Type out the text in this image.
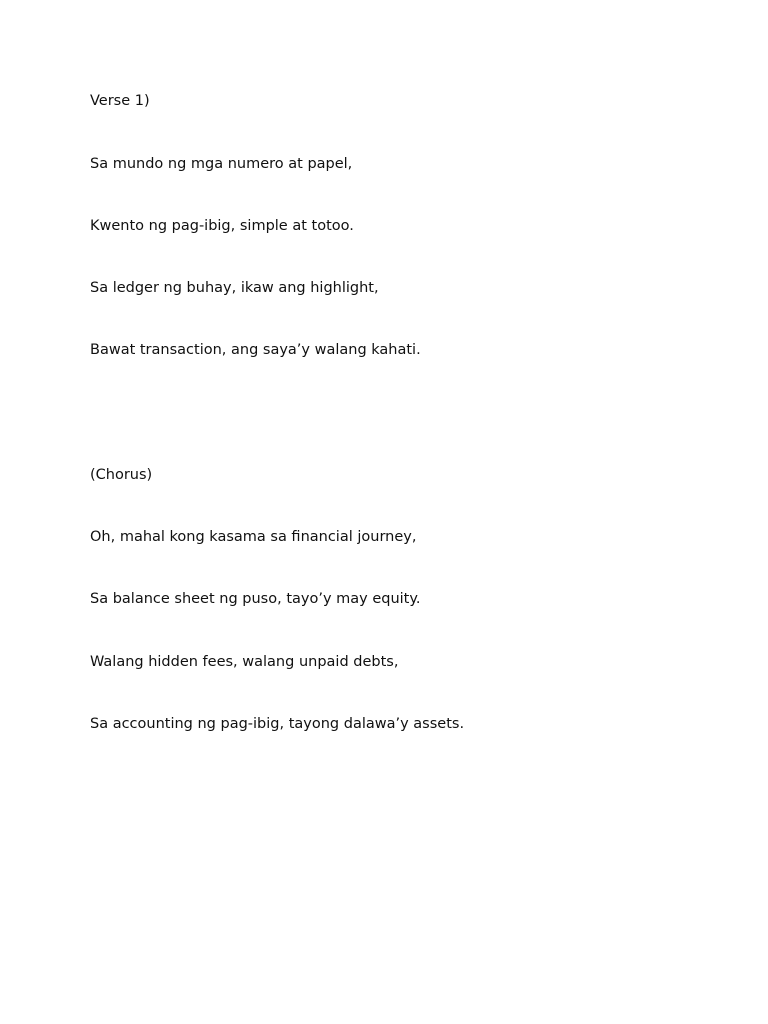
Verse 1)
Sa mundo ng mga numero at papel,
Kwento ng pag-ibig, simple at totoo.
Sa ledger ng buhay, ikaw ang highlight,
Bawat transaction, ang saya’y walang kahati.
(Chorus)
Oh, mahal kong kasama sa financial journey,
Sa balance sheet ng puso, tayo’y may equity.
Walang hidden fees, walang unpaid debts,
Sa accounting ng pag-ibig, tayong dalawa’y assets.
